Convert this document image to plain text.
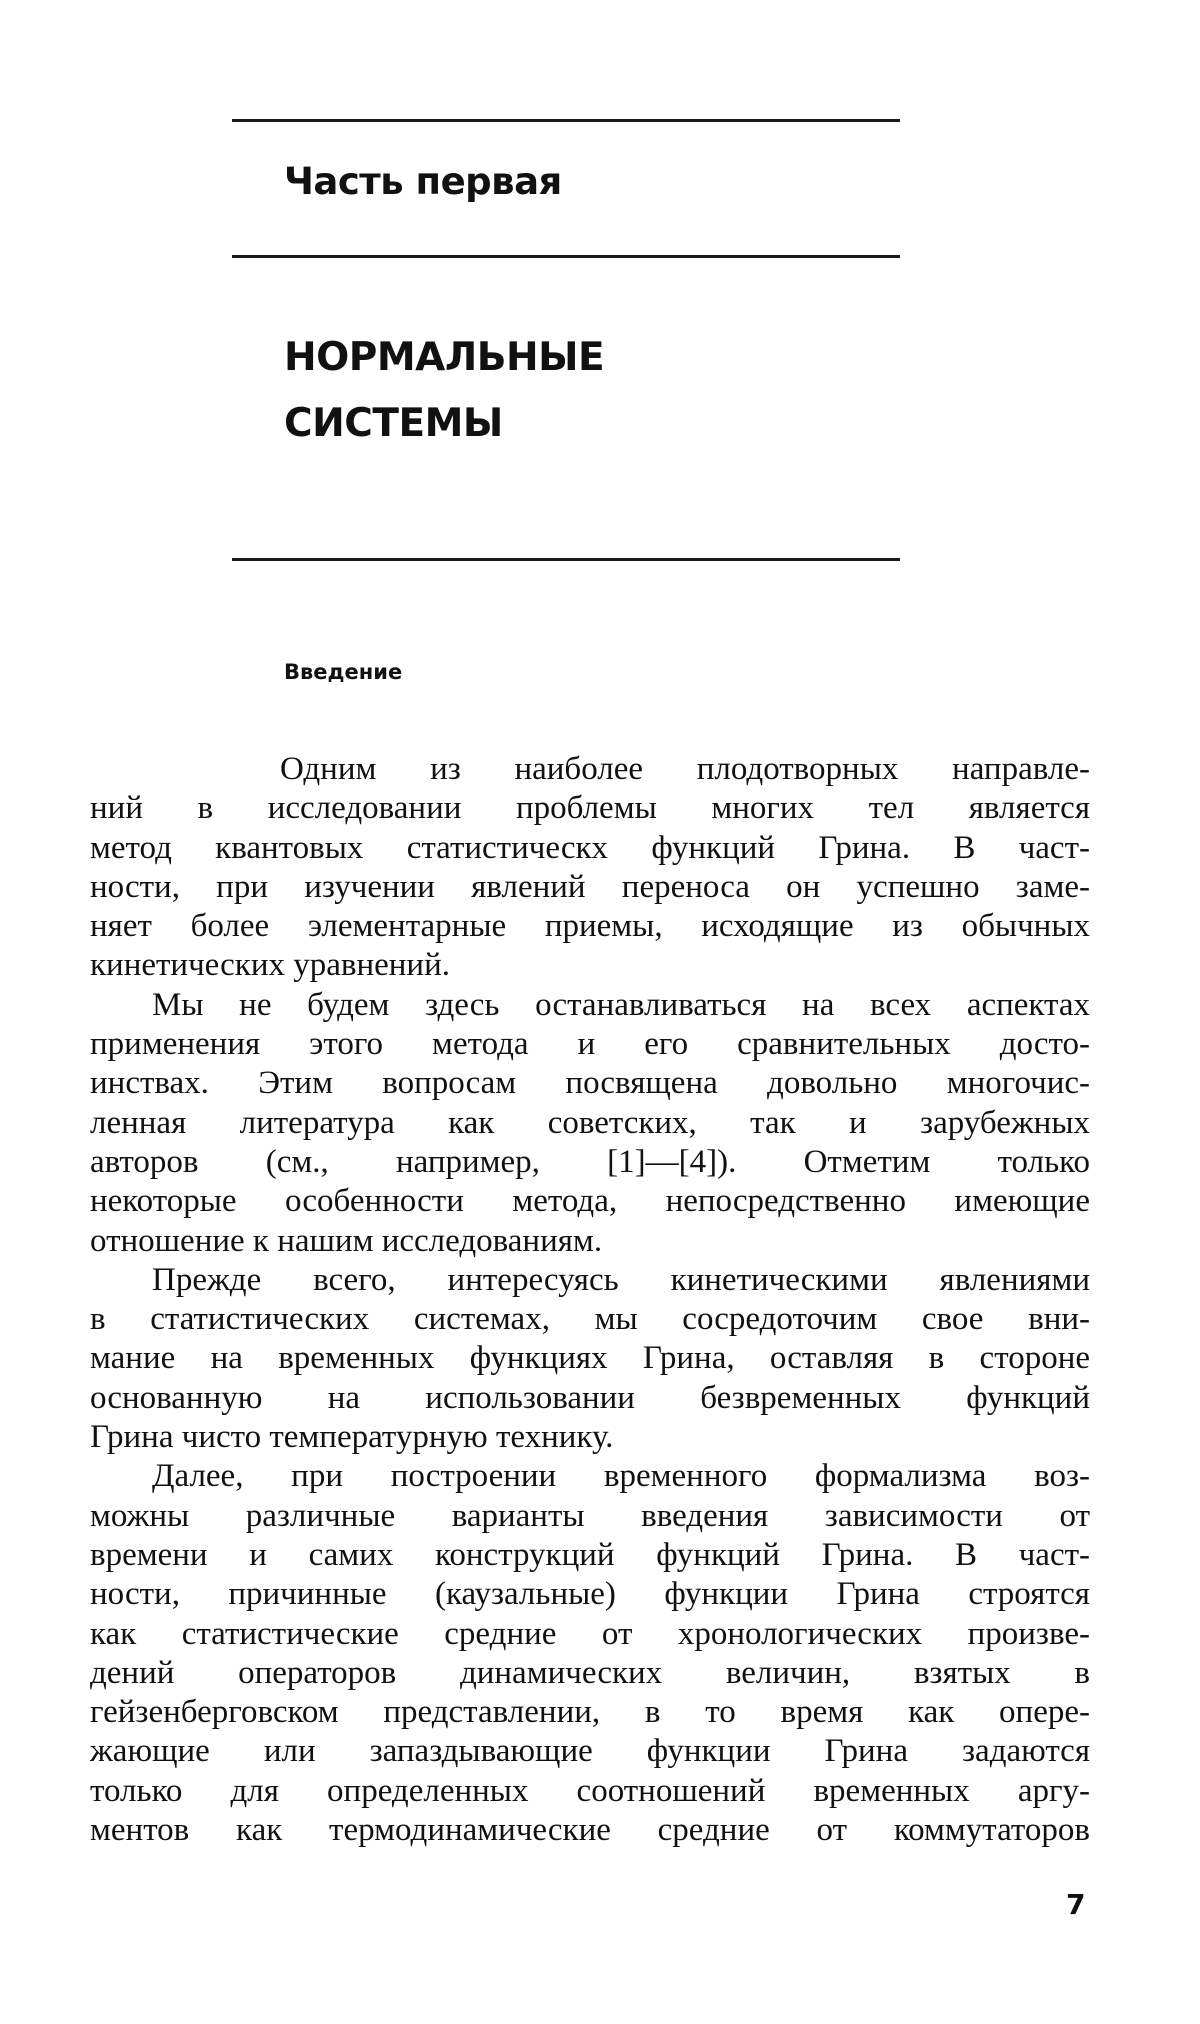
Часть первая
НОРМАЛЬНЫЕ
СИСТЕМЫ
Введение
Одним из наиболее плодотворных направле-
ний в исследовании проблемы многих тел является
метод квантовых статистическх функций Грина. В част-
ности, при изучении явлений переноса он успешно заме-
няет более элементарные приемы, исходящие из обычных
кинетических уравнений.
Мы не будем здесь останавливаться на всех аспектах
применения этого метода и его сравнительных досто-
инствах. Этим вопросам посвящена довольно многочис-
ленная литература как советских, так и зарубежных
авторов (см., например, [1]—[4]). Отметим только
некоторые особенности метода, непосредственно имеющие
отношение к нашим исследованиям.
Прежде всего, интересуясь кинетическими явлениями
в статистических системах, мы сосредоточим свое вни-
мание на временных функциях Грина, оставляя в стороне
основанную на использовании безвременных функций
Грина чисто температурную технику.
Далее, при построении временного формализма воз-
можны различные варианты введения зависимости от
времени и самих конструкций функций Грина. В част-
ности, причинные (каузальные) функции Грина строятся
как статистические средние от хронологических произве-
дений операторов динамических величин, взятых в
гейзенберговском представлении, в то время как опере-
жающие или запаздывающие функции Грина задаются
только для определенных соотношений временных аргу-
ментов как термодинамические средние от коммутаторов
7
